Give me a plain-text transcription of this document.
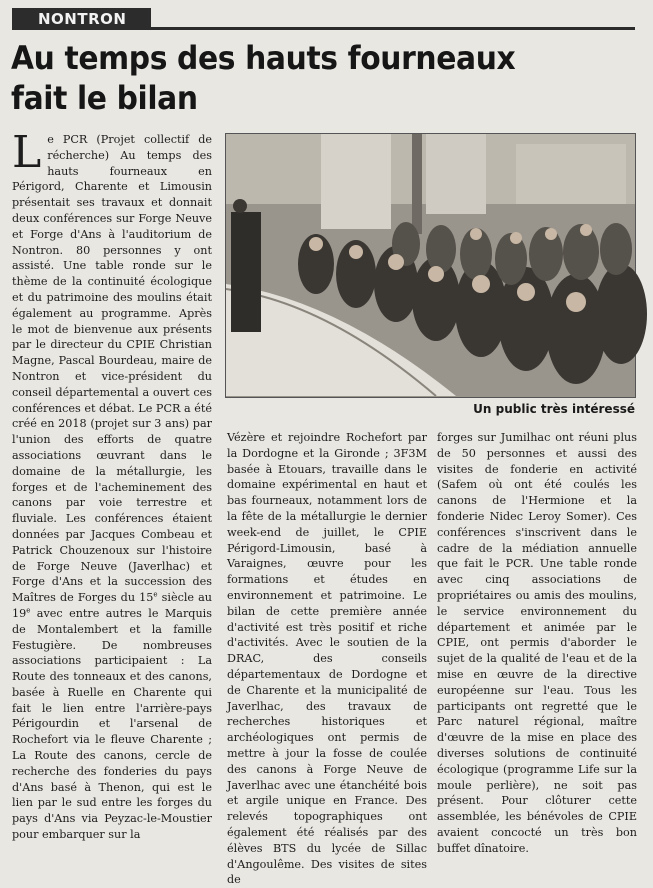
NONTRON
Au temps des hauts fourneaux
fait le bilan

Le PCR (Projet collectif de récherche) Au temps des hauts fourneaux en Périgord, Charente et Limousin présentait ses travaux et donnait deux conférences sur Forge Neuve et Forge d'Ans à l'auditorium de Nontron. 80 personnes y ont assisté. Une table ronde sur le thème de la continuité écologique et du patrimoine des moulins était également au programme. Après le mot de bienvenue aux présents par le directeur du CPIE Christian Magne, Pascal Bourdeau, maire de Nontron et vice-président du conseil départemental a ouvert ces conférences et débat. Le PCR a été créé en 2018 (projet sur 3 ans) par l'union des efforts de quatre associations œuvrant dans le domaine de la métallurgie, les forges et de l'acheminement des canons par voie terrestre et fluviale. Les conférences étaient données par Jacques Combeau et Patrick Chouzenoux sur l'histoire de Forge Neuve (Javerlhac) et Forge d'Ans et la succession des Maîtres de Forges du 15e siècle au 19e avec entre autres le Marquis de Montalembert et la famille Festugière. De nombreuses associations participaient : La Route des tonneaux et des canons, basée à Ruelle en Charente qui fait le lien entre l'arrière-pays Périgourdin et l'arsenal de Rochefort via le fleuve Charente ; La Route des canons, cercle de recherche des fonderies du pays d'Ans basé à Thenon, qui est le lien par le sud entre les forges du pays d'Ans via Peyzac-le-Moustier pour embarquer sur la

Un public très intéressé

Vézère et rejoindre Rochefort par la Dordogne et la Gironde ; 3F3M basée à Etouars, travaille dans le domaine expérimental en haut et bas fourneaux, notamment lors de la fête de la métallurgie le dernier week-end de juillet, le CPIE Périgord-Limousin, basé à Varaignes, œuvre pour les formations et études en environnement et patrimoine. Le bilan de cette première année d'activité est très positif et riche d'activités. Avec le soutien de la DRAC, des conseils départementaux de Dordogne et de Charente et la municipalité de Javerlhac, des travaux de recherches historiques et archéologiques ont permis de mettre à jour la fosse de coulée des canons à Forge Neuve de Javerlhac avec une étanchéité bois et argile unique en France. Des relevés topographiques ont également été réalisés par des élèves BTS du lycée de Sillac d'Angoulême. Des visites de sites de

forges sur Jumilhac ont réuni plus de 50 personnes et aussi des visites de fonderie en activité (Safem où ont été coulés les canons de l'Hermione et la fonderie Nidec Leroy Somer). Ces conférences s'inscrivent dans le cadre de la médiation annuelle que fait le PCR. Une table ronde avec cinq associations de propriétaires ou amis des moulins, le service environnement du département et animée par le CPIE, ont permis d'aborder le sujet de la qualité de l'eau et de la mise en œuvre de la directive européenne sur l'eau. Tous les participants ont regretté que le Parc naturel régional, maître d'œuvre de la mise en place des diverses solutions de continuité écologique (programme Life sur la moule perlière), ne soit pas présent. Pour clôturer cette assemblée, les bénévoles de CPIE avaient concocté un très bon buffet dînatoire.
